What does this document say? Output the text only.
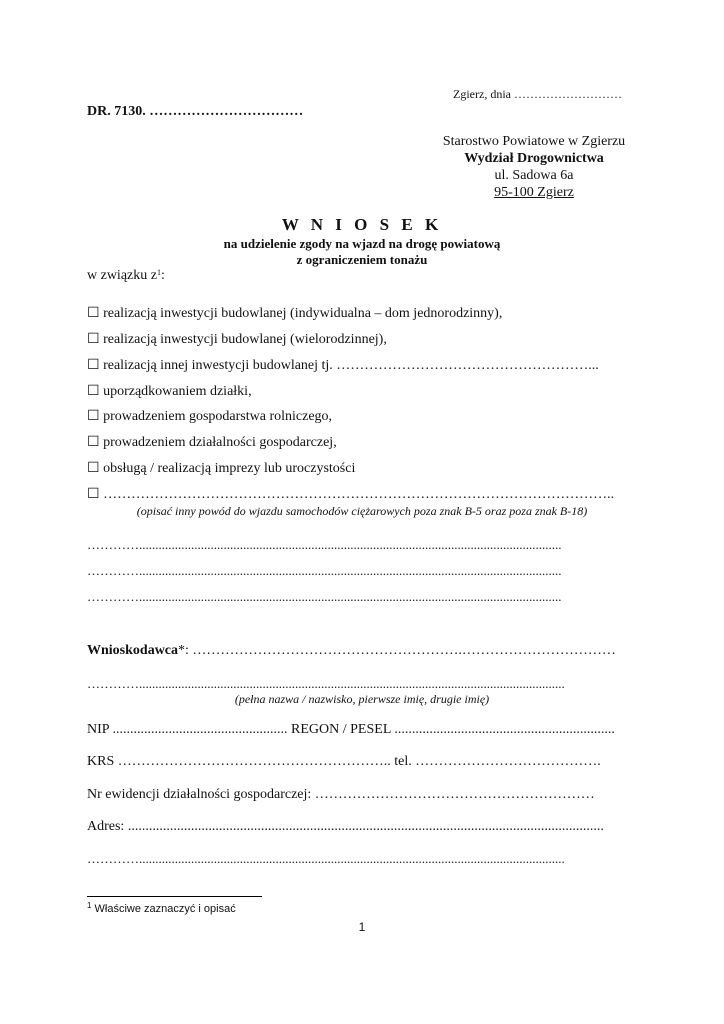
Zgierz, dnia ………………………
DR. 7130. ……………………………
Starostwo Powiatowe w Zgierzu
Wydział Drogownictwa
ul. Sadowa 6a
95-100 Zgierz
W N I O S E K
na udzielenie zgody na wjazd na drogę powiatową
z ograniczeniem tonażu
w związku z$^1$:
☐ realizacją inwestycji budowlanej (indywidualna – dom jednorodzinny),
☐ realizacją inwestycji budowlanej (wielorodzinnej),
☐ realizacją innej inwestycji budowlanej tj. ………………………………………………...
☐ uporządkowaniem działki,
☐ prowadzeniem gospodarstwa rolniczego,
☐ prowadzeniem działalności gospodarczej,
☐ obsługą / realizacją imprezy lub uroczystości
☐ ………………………………………………………………………………………………..
(opisać inny powód do wjazdu samochodów ciężarowych poza znak B-5 oraz poza znak B-18)
…………..................................................................................................................................
…………..................................................................................................................................
…………..................................................................................................................................
Wnioskodawca*: ………………………………………………….……………………………
…………...................................................................................................................................
(pełna nazwa / nazwisko, pierwsze imię, drugie imię)
NIP .................................................. REGON / PESEL ...............................................................
KRS ………………………………………………….. tel. ………………………………….
Nr ewidencji działalności gospodarczej: ……………………………………………………
Adres: ........................................................................................................................................
…………...................................................................................................................................
$^1$ Właściwe zaznaczyć i opisać
1
